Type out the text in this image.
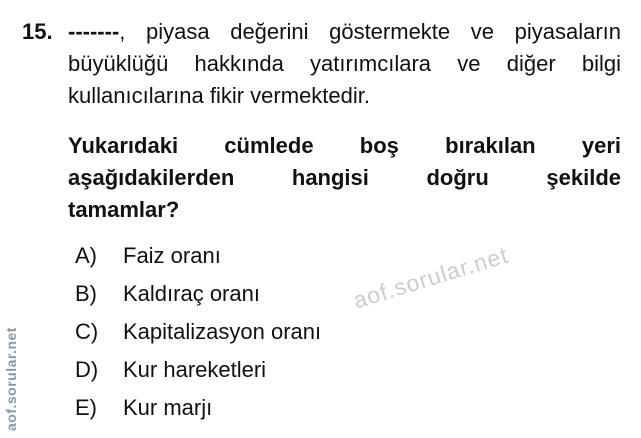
15. -------, piyasa değerini göstermekte ve piyasaların
büyüklüğü hakkında yatırımcılara ve diğer bilgi
kullanıcılarına fikir vermektedir.
Yukarıdaki cümlede boş bırakılan yeri
aşağıdakilerden hangisi doğru şekilde
tamamlar?
A)	Faiz oranı
B)	Kaldıraç oranı
C)	Kapitalizasyon oranı
D)	Kur hareketleri
E)	Kur marjı
aof.sorular.net
aof.sorular.net
